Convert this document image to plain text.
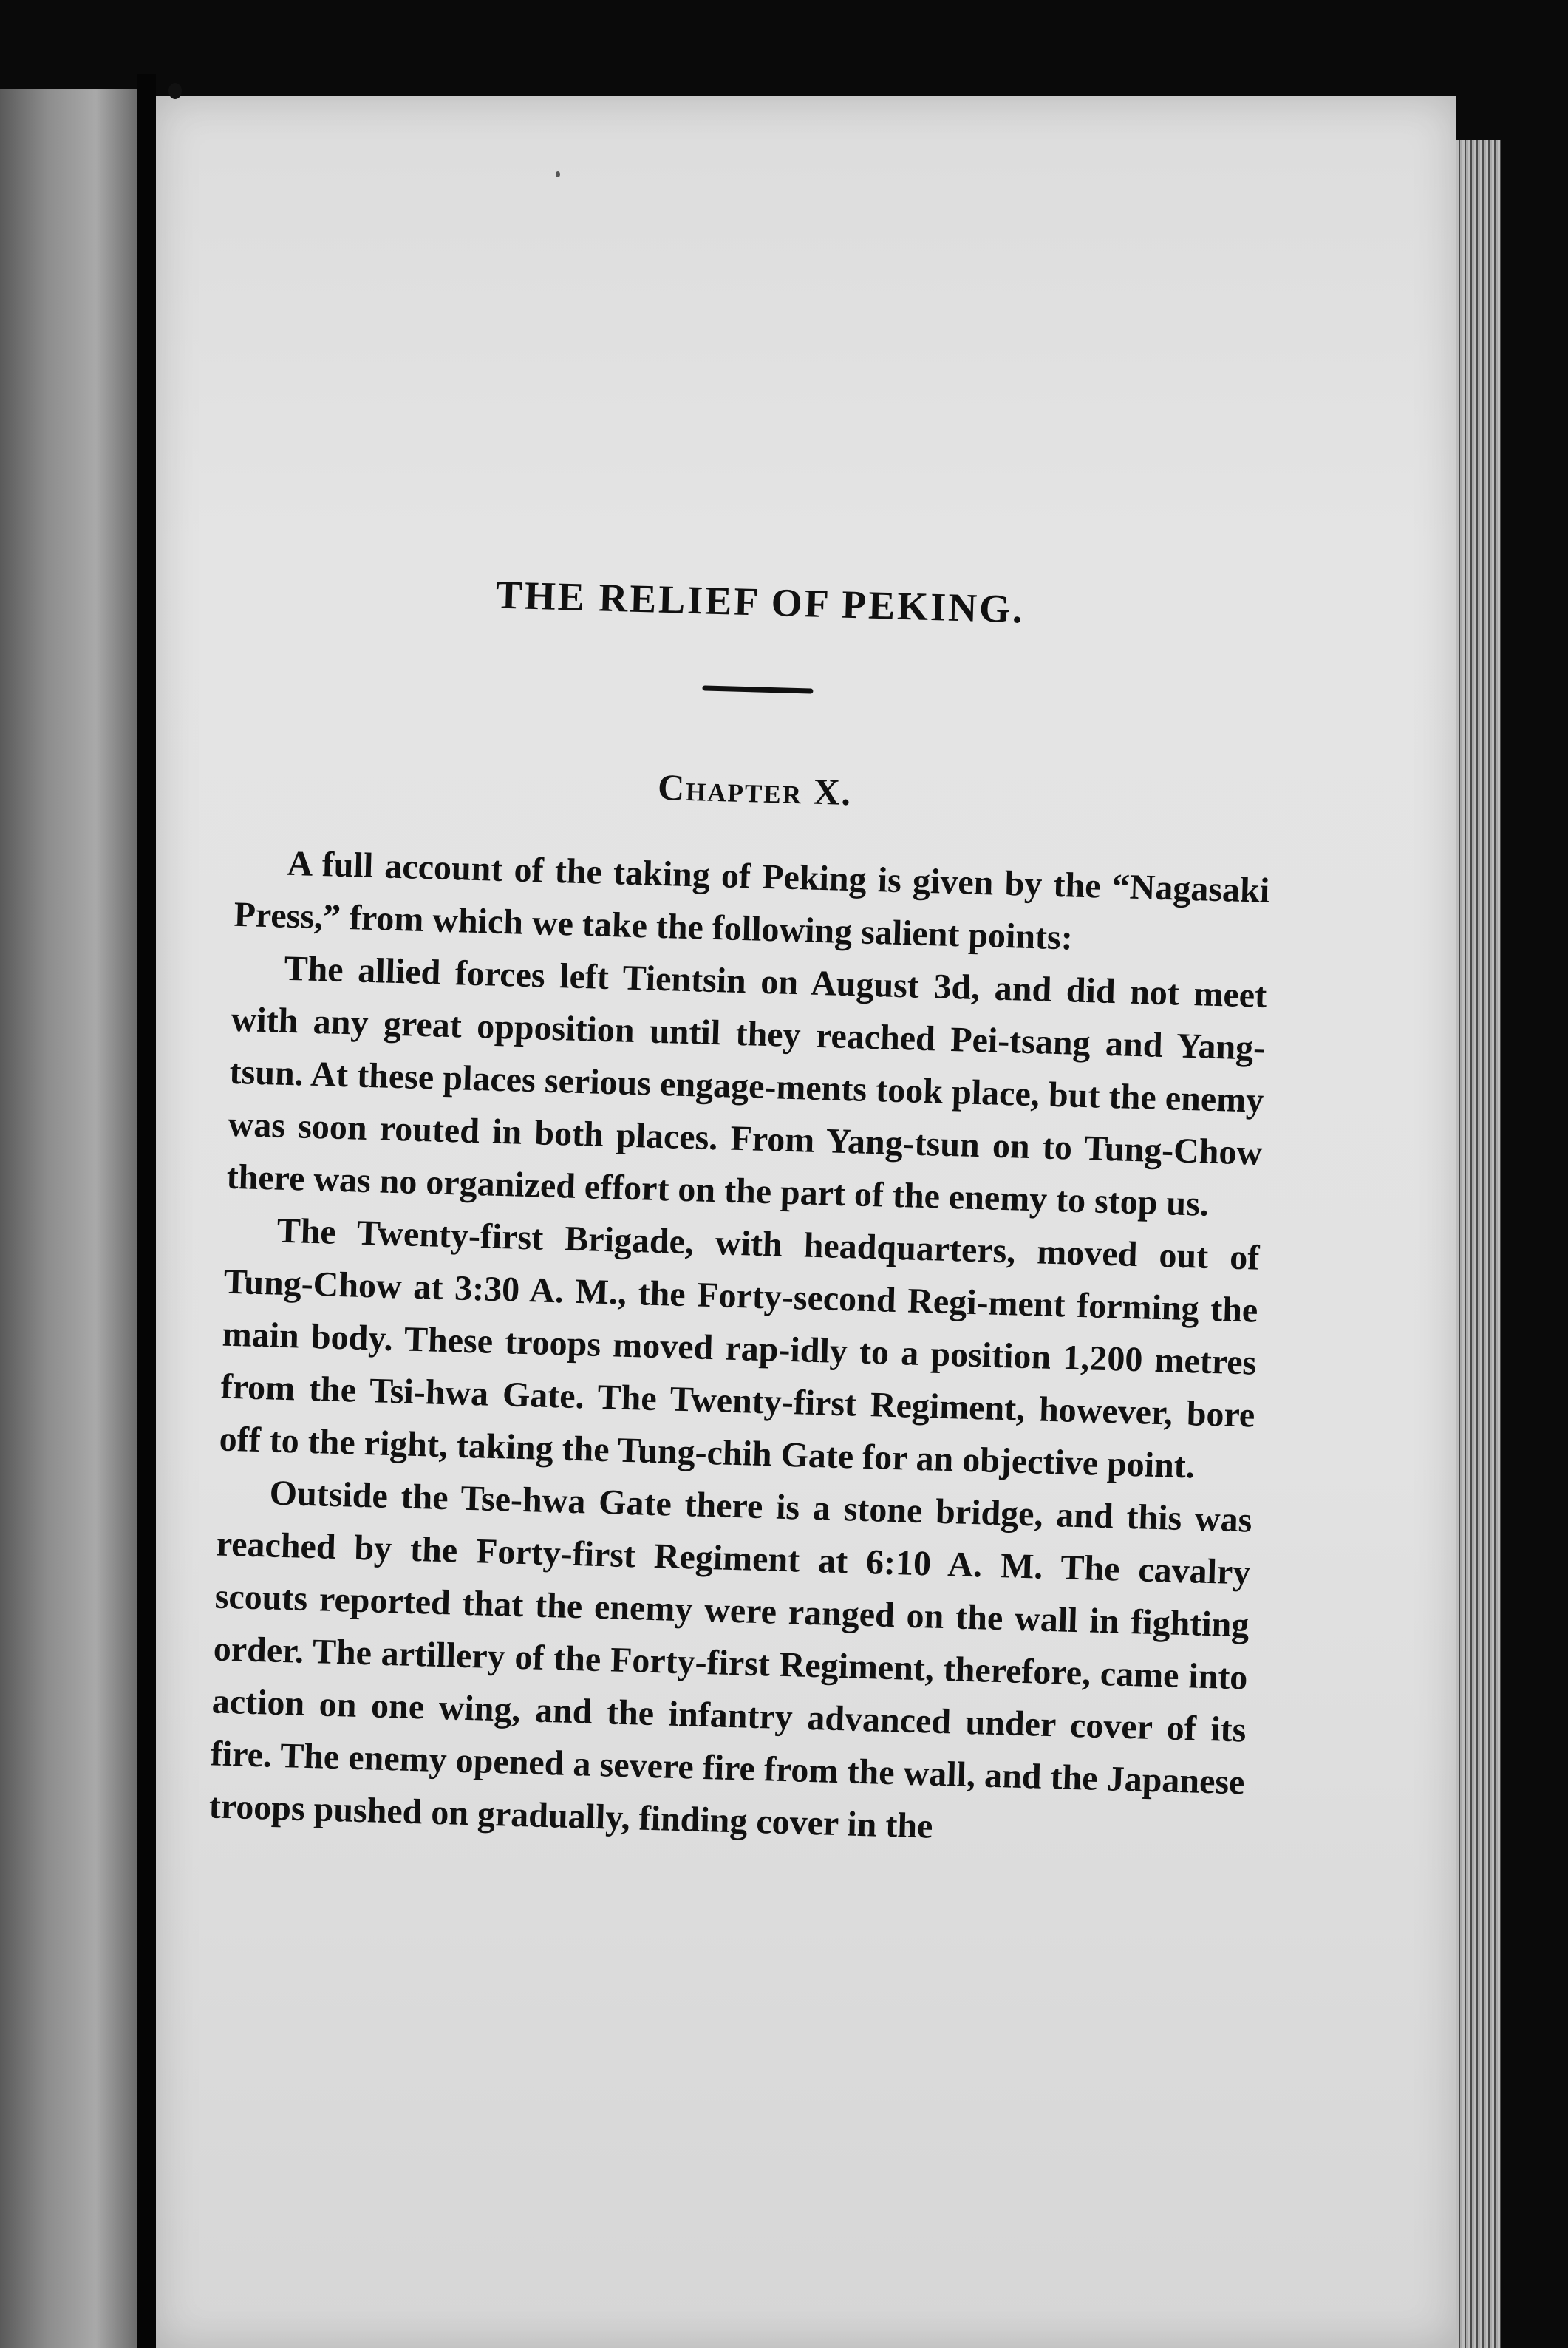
THE RELIEF OF PEKING.
Chapter X.

A full account of the taking of Peking is given by the “Nagasaki Press,” from which we take the following salient points:

The allied forces left Tientsin on August 3d, and did not meet with any great opposition until they reached Pei-tsang and Yang-tsun. At these places serious engage-ments took place, but the enemy was soon routed in both places. From Yang-tsun on to Tung-Chow there was no organized effort on the part of the enemy to stop us.

The Twenty-first Brigade, with headquarters, moved out of Tung-Chow at 3:30 A. M., the Forty-second Regi-ment forming the main body. These troops moved rap-idly to a position 1,200 metres from the Tsi-hwa Gate. The Twenty-first Regiment, however, bore off to the right, taking the Tung-chih Gate for an objective point.

Outside the Tse-hwa Gate there is a stone bridge, and this was reached by the Forty-first Regiment at 6:10 A. M. The cavalry scouts reported that the enemy were ranged on the wall in fighting order. The artillery of the Forty-first Regiment, therefore, came into action on one wing, and the infantry advanced under cover of its fire. The enemy opened a severe fire from the wall, and the Japanese troops pushed on gradually, finding cover in the
